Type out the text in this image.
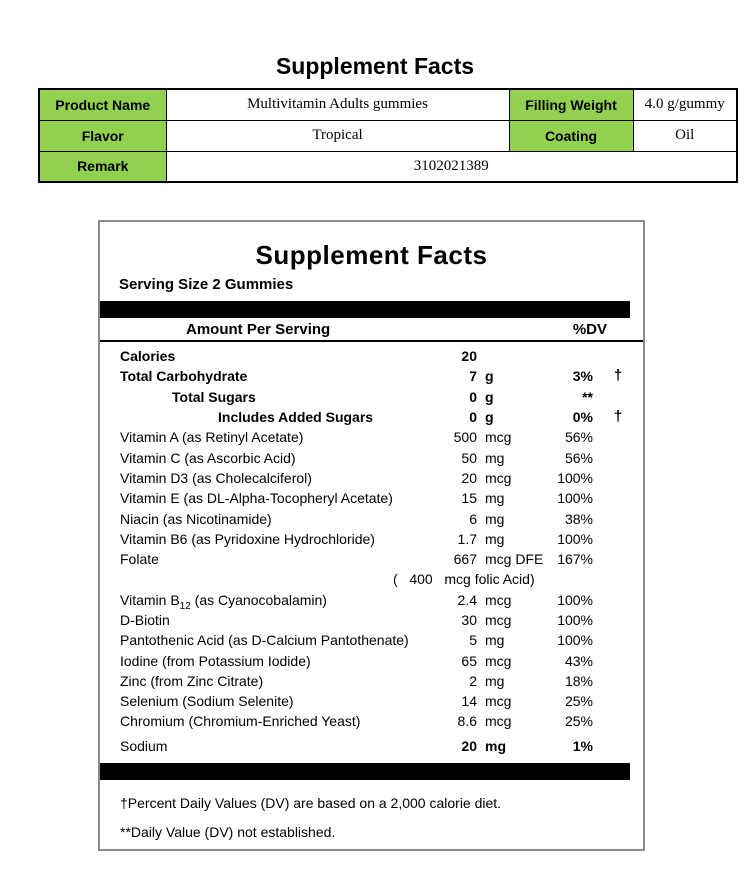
Supplement Facts
Product Name	Multivitamin Adults gummies	Filling Weight	4.0 g/gummy
Flavor	Tropical	Coating	Oil
Remark	3102021389		
Supplement Facts
Serving Size 2 Gummies
Amount Per Serving	%DV
Calories	20
Total Carbohydrate	7 g	3%	†
Total Sugars	0 g	**
Includes Added Sugars	0 g	0%	†
Vitamin A (as Retinyl Acetate)	500 mcg	56%
Vitamin C (as Ascorbic Acid)	50 mg	56%
Vitamin D3 (as Cholecalciferol)	20 mcg	100%
Vitamin E (as DL-Alpha-Tocopheryl Acetate)	15 mg	100%
Niacin (as Nicotinamide)	6 mg	38%
Vitamin B6 (as Pyridoxine Hydrochloride)	1.7 mg	100%
Folate	667 mcg DFE 167%
(   400   mcg folic Acid)
Vitamin $B_{12}$ (as Cyanocobalamin)	2.4 mcg	100%
D-Biotin	30 mcg	100%
Pantothenic Acid (as D-Calcium Pantothenate)	5 mg	100%
Iodine (from Potassium Iodide)	65 mcg	43%
Zinc (from Zinc Citrate)	2 mg	18%
Selenium (Sodium Selenite)	14 mcg	25%
Chromium (Chromium-Enriched Yeast)	8.6 mcg	25%
Sodium	20 mg	1%
†Percent Daily Values (DV) are based on a 2,000 calorie diet.
**Daily Value (DV) not established.
